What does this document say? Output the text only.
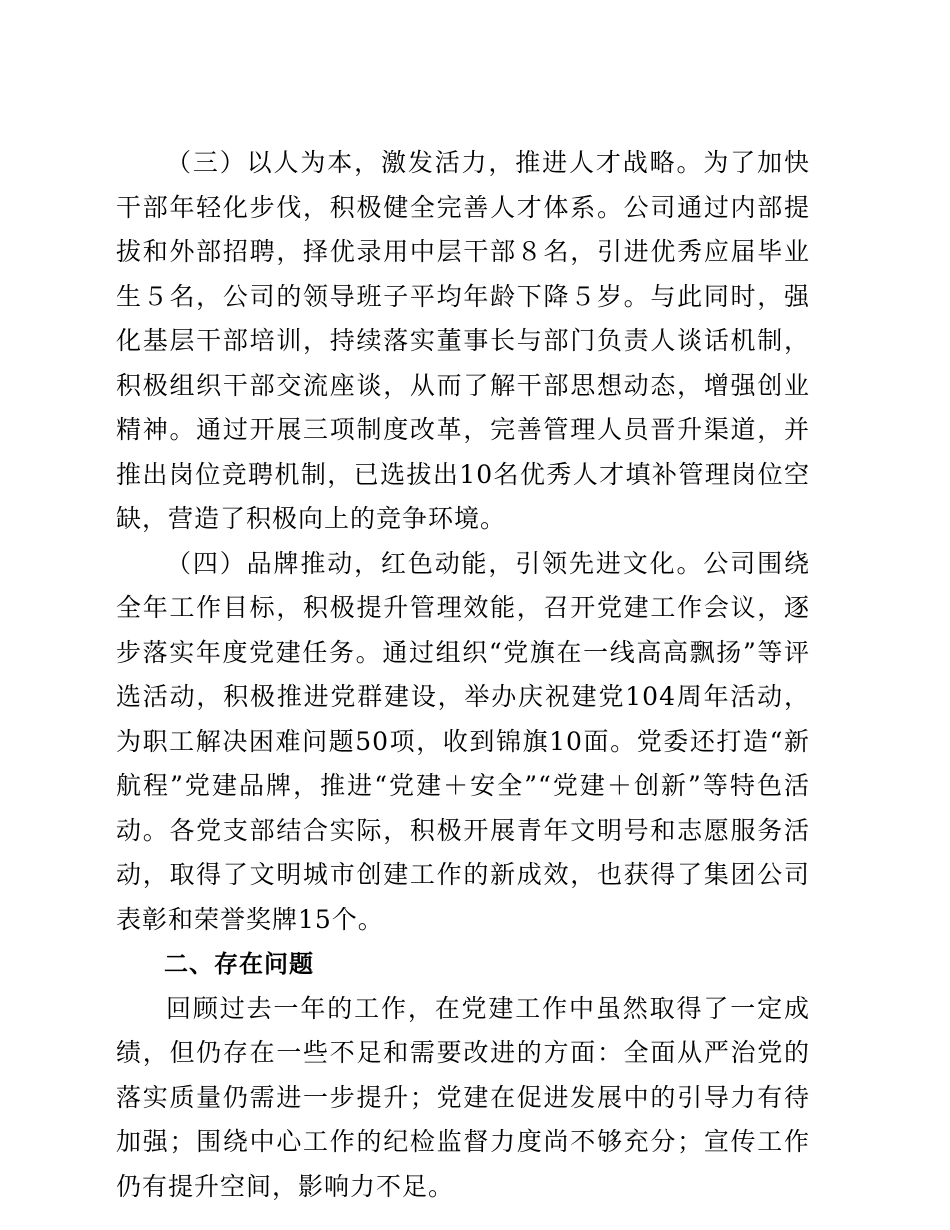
（三）以人为本，激发活力，推进人才战略。为了加快干部年轻化步伐，积极健全完善人才体系。公司通过内部提拔和外部招聘，择优录用中层干部８名，引进优秀应届毕业生５名，公司的领导班子平均年龄下降５岁。与此同时，强化基层干部培训，持续落实董事长与部门负责人谈话机制，积极组织干部交流座谈，从而了解干部思想动态，增强创业精神。通过开展三项制度改革，完善管理人员晋升渠道，并推出岗位竞聘机制，已选拔出10名优秀人才填补管理岗位空缺，营造了积极向上的竞争环境。

（四）品牌推动，红色动能，引领先进文化。公司围绕全年工作目标，积极提升管理效能，召开党建工作会议，逐步落实年度党建任务。通过组织“党旗在一线高高飘扬”等评选活动，积极推进党群建设，举办庆祝建党104周年活动，为职工解决困难问题50项，收到锦旗10面。党委还打造“新航程”党建品牌，推进“党建＋安全”“党建＋创新”等特色活动。各党支部结合实际，积极开展青年文明号和志愿服务活动，取得了文明城市创建工作的新成效，也获得了集团公司表彰和荣誉奖牌15个。

二、存在问题

回顾过去一年的工作，在党建工作中虽然取得了一定成绩，但仍存在一些不足和需要改进的方面：全面从严治党的落实质量仍需进一步提升；党建在促进发展中的引导力有待加强；围绕中心工作的纪检监督力度尚不够充分；宣传工作仍有提升空间，影响力不足。
